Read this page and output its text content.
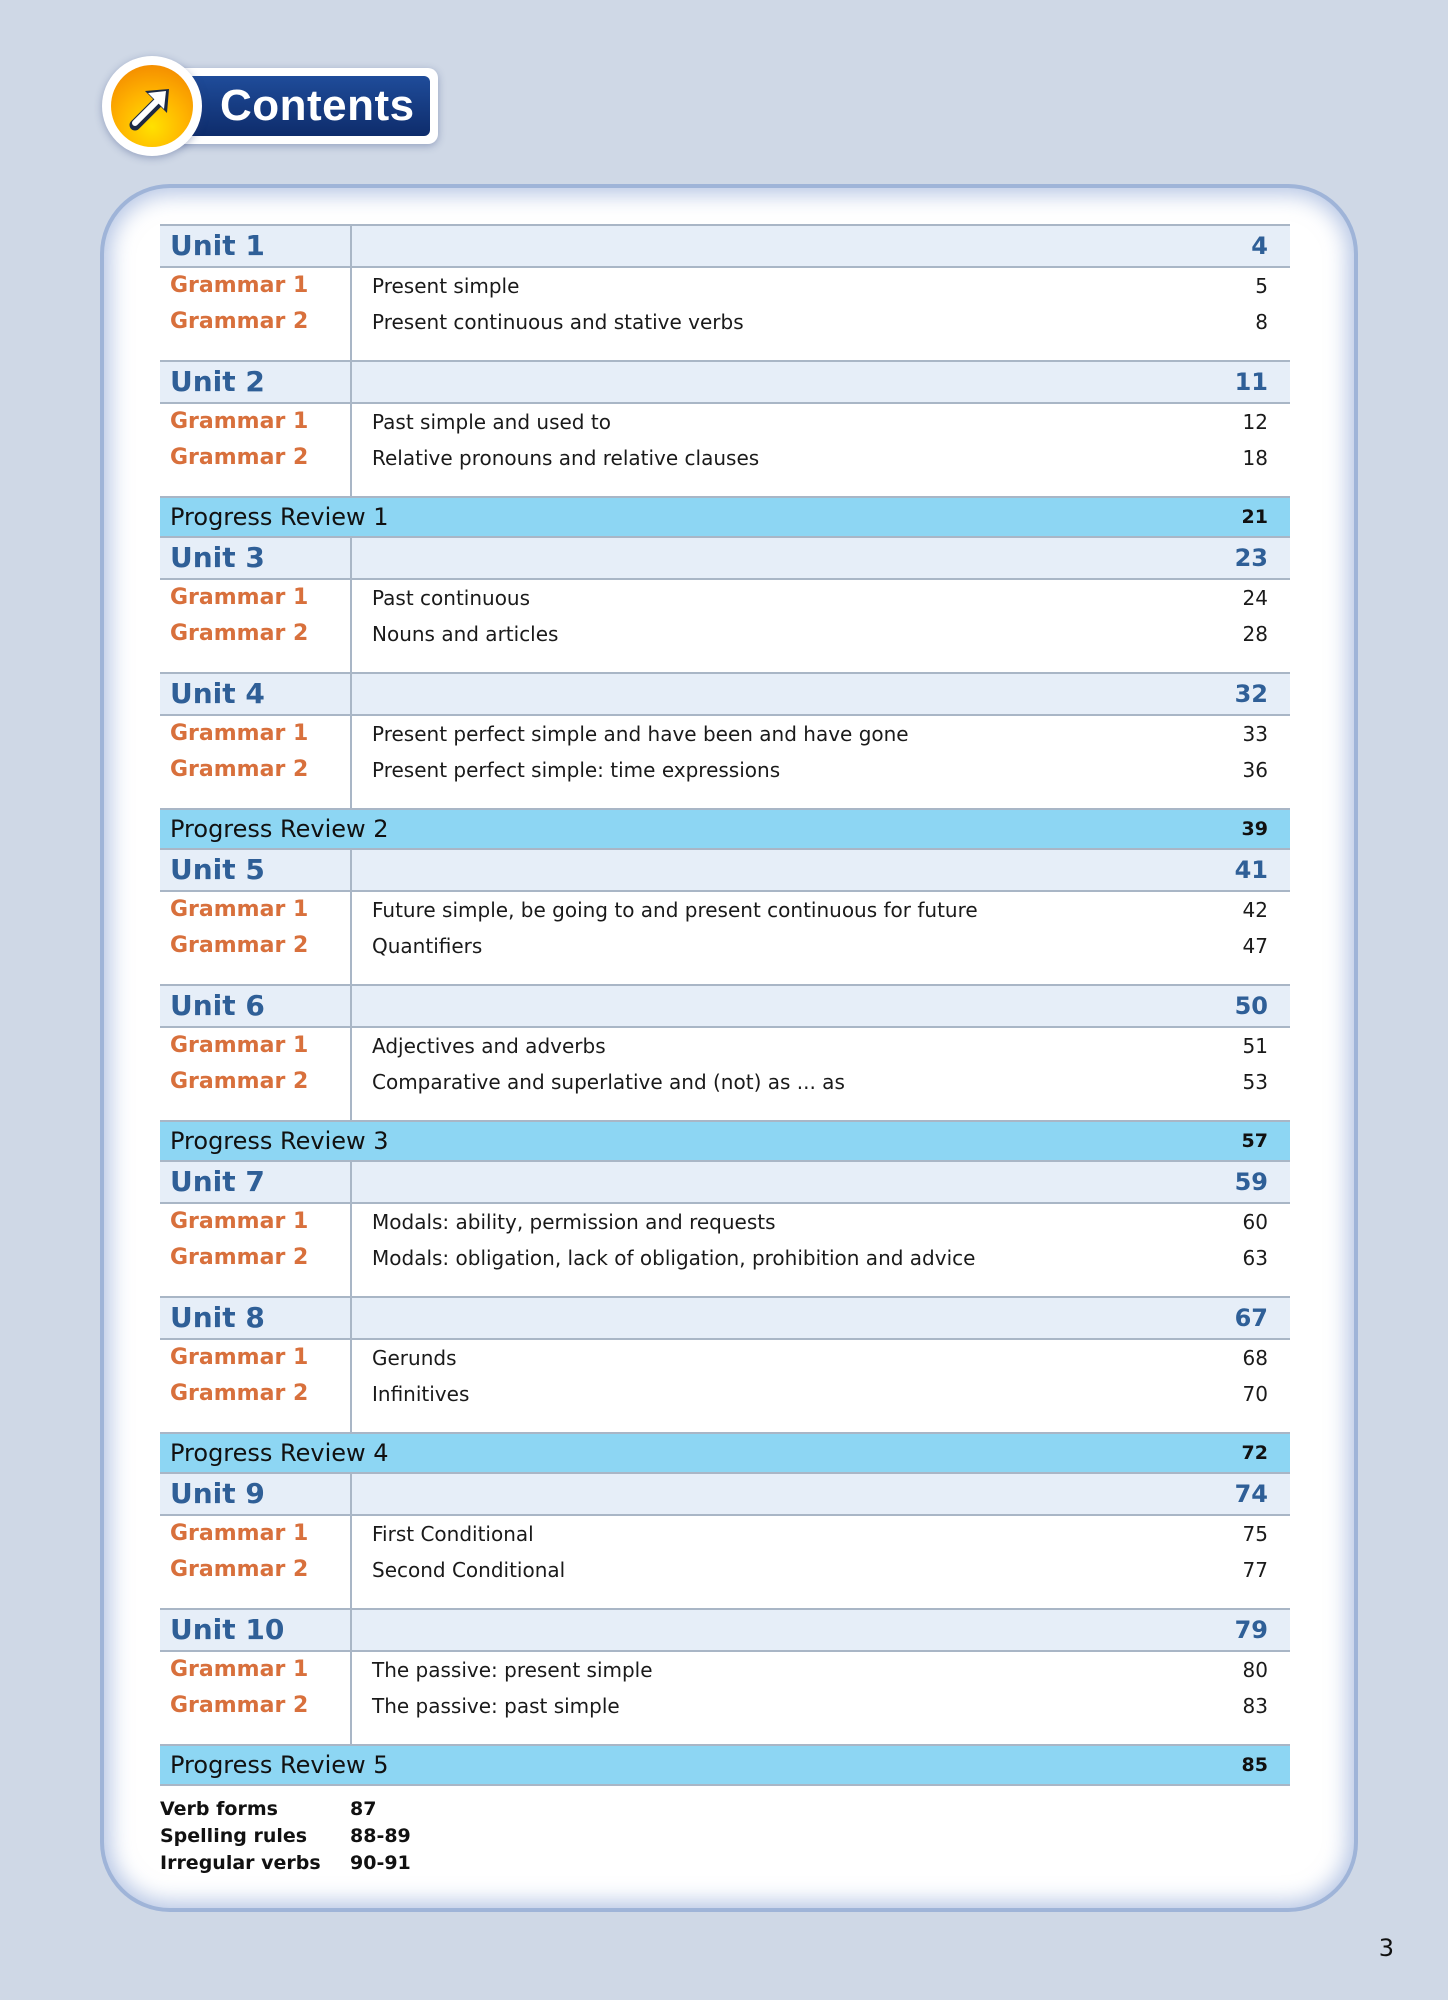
Contents
Unit 1	4
Grammar 1	Present simple	5
Grammar 2	Present continuous and stative verbs	8
Unit 2	11
Grammar 1	Past simple and used to	12
Grammar 2	Relative pronouns and relative clauses	18
Progress Review 1	21
Unit 3	23
Grammar 1	Past continuous	24
Grammar 2	Nouns and articles	28
Unit 4	32
Grammar 1	Present perfect simple and have been and have gone	33
Grammar 2	Present perfect simple: time expressions	36
Progress Review 2	39
Unit 5	41
Grammar 1	Future simple, be going to and present continuous for future	42
Grammar 2	Quantifiers	47
Unit 6	50
Grammar 1	Adjectives and adverbs	51
Grammar 2	Comparative and superlative and (not) as ... as	53
Progress Review 3	57
Unit 7	59
Grammar 1	Modals: ability, permission and requests	60
Grammar 2	Modals: obligation, lack of obligation, prohibition and advice	63
Unit 8	67
Grammar 1	Gerunds	68
Grammar 2	Infinitives	70
Progress Review 4	72
Unit 9	74
Grammar 1	First Conditional	75
Grammar 2	Second Conditional	77
Unit 10	79
Grammar 1	The passive: present simple	80
Grammar 2	The passive: past simple	83
Progress Review 5	85
Verb forms	87
Spelling rules 88-89
Irregular verbs 90-91
3
